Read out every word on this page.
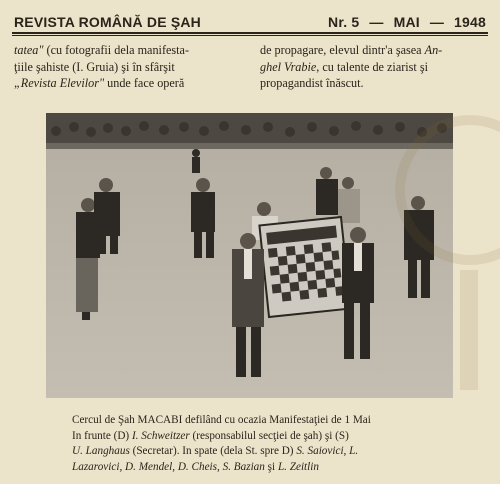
REVISTA ROMÂNĂ DE ŞAH	Nr. 5 — MAI — 1948

tatea" (cu fotografii dela manifesta-

ţiile şahiste (I. Gruia) şi în sfârşit

„Revista Elevilor" unde face operă

de propagare, elevul dintr'a şasea An-

ghel Vrabie, cu talente de ziarist şi

propagandist înăscut.

Cercul de Şah MACABI defilând cu ocazia Manifestaţiei de 1 Mai

In frunte (D) I. Schweitzer (responsabilul secţiei de şah) şi (S)

U. Langhaus (Secretar). In spate (dela St. spre D) S. Saiovici, L.

Lazarovici, D. Mendel, D. Cheis, S. Bazian şi L. Zeitlin
